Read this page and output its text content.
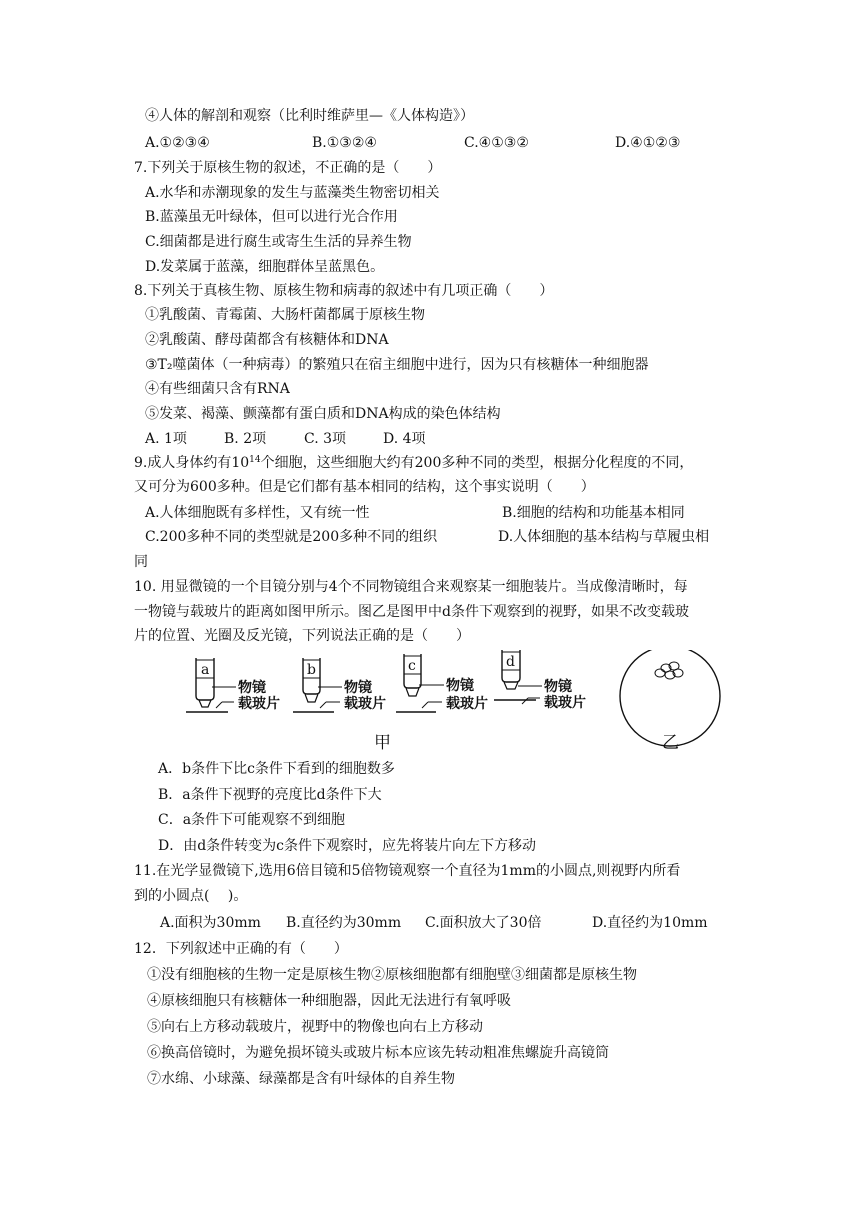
④人体的解剖和观察（比利时维萨里—《人体构造》）
A.①②③④	B.①③②④	C.④①③②	D.④①②③
7.下列关于原核生物的叙述，不正确的是（　　）
A.水华和赤潮现象的发生与蓝藻类生物密切相关
B.蓝藻虽无叶绿体，但可以进行光合作用
C.细菌都是进行腐生或寄生生活的异养生物
D.发菜属于蓝藻，细胞群体呈蓝黑色。
8.下列关于真核生物、原核生物和病毒的叙述中有几项正确（　　）
①乳酸菌、青霉菌、大肠杆菌都属于原核生物
②乳酸菌、酵母菌都含有核糖体和DNA
③T₂噬菌体（一种病毒）的繁殖只在宿主细胞中进行，因为只有核糖体一种细胞器
④有些细菌只含有RNA
⑤发菜、褐藻、颤藻都有蛋白质和DNA构成的染色体结构
A. 1项	B. 2项	C. 3项	D. 4项
9.成人身体约有$10^{14}$个细胞，这些细胞大约有200多种不同的类型，根据分化程度的不同，
又可分为600多种。但是它们都有基本相同的结构，这个事实说明（　　）
A.人体细胞既有多样性，又有统一性	B.细胞的结构和功能基本相同
C.200多种不同的类型就是200多种不同的组织	D.人体细胞的基本结构与草履虫相
同
10. 用显微镜的一个目镜分别与4个不同物镜组合来观察某一细胞装片。当成像清晰时，每
一物镜与载玻片的距离如图甲所示。图乙是图甲中d条件下观察到的视野，如果不改变载玻
片的位置、光圈及反光镜，下列说法正确的是（　　）
a
物镜
载玻片
b
物镜
载玻片
c
物镜
载玻片
d
物镜
载玻片
甲	乙
A．b条件下比c条件下看到的细胞数多
B．a条件下视野的亮度比d条件下大
C．a条件下可能观察不到细胞
D．由d条件转变为c条件下观察时，应先将装片向左下方移动
11.在光学显微镜下,选用6倍目镜和5倍物镜观察一个直径为1mm的小圆点,则视野内所看
到的小圆点(　 )。
A.面积为30mm B.直径约为30mm C.面积放大了30倍	D.直径约为10mm
12．下列叙述中正确的有（　　）
①没有细胞核的生物一定是原核生物②原核细胞都有细胞壁③细菌都是原核生物
④原核细胞只有核糖体一种细胞器，因此无法进行有氧呼吸
⑤向右上方移动载玻片，视野中的物像也向右上方移动
⑥换高倍镜时，为避免损坏镜头或玻片标本应该先转动粗准焦螺旋升高镜筒
⑦水绵、小球藻、绿藻都是含有叶绿体的自养生物
